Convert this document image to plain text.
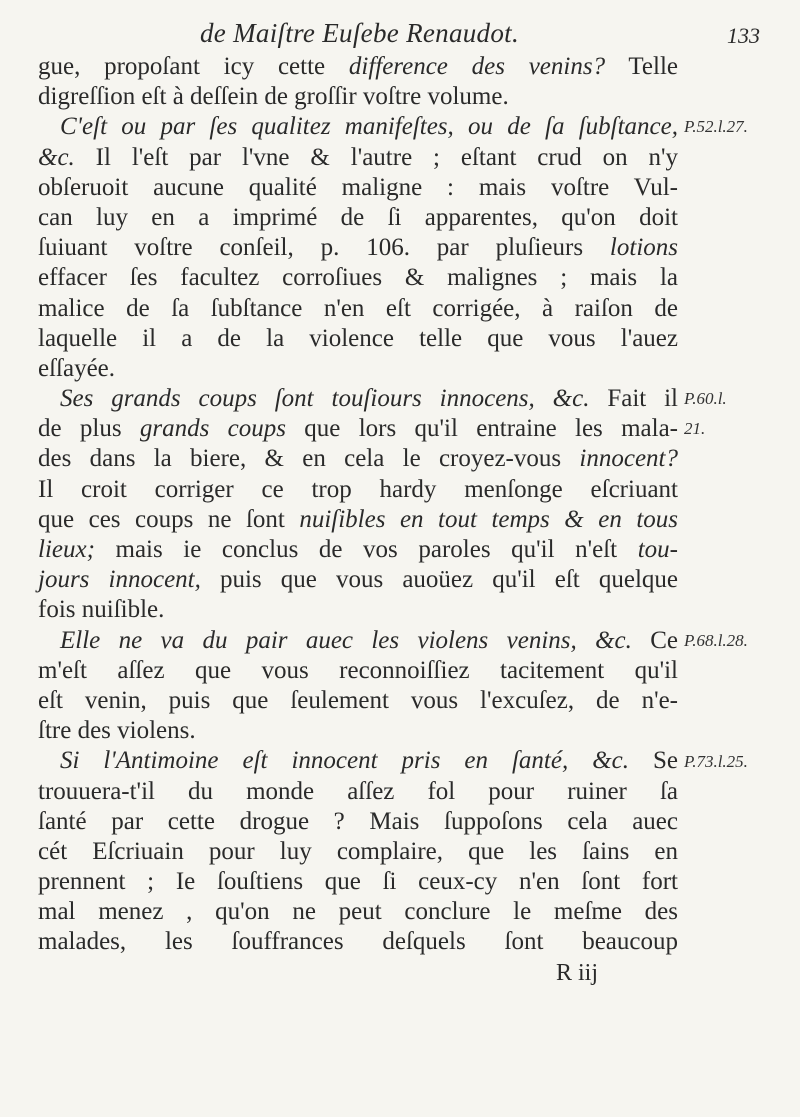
de Maiſtre Euſebe Renaudot.	133
gue, propoſant icy cette difference des venins? Telle
digreſſion eſt à deſſein de groſſir voſtre volume.
C'eſt ou par ſes qualitez manifeſtes, ou de ſa ſubſtance,
&c. Il l'eſt par l'vne & l'autre ; eſtant crud on n'y
obſeruoit aucune qualité maligne : mais voſtre Vul-
can luy en a imprimé de ſi apparentes, qu'on doit
ſuiuant voſtre conſeil, p. 106. par pluſieurs lotions
effacer ſes facultez corroſiues & malignes ; mais la
malice de ſa ſubſtance n'en eſt corrigée, à raiſon de
laquelle il a de la violence telle que vous l'auez
eſſayée.
Ses grands coups ſont touſiours innocens, &c. Fait il
de plus grands coups que lors qu'il entraine les mala-
des dans la biere, & en cela le croyez-vous innocent?
Il croit corriger ce trop hardy menſonge eſcriuant
que ces coups ne ſont nuiſibles en tout temps & en tous
lieux; mais ie conclus de vos paroles qu'il n'eſt tou-
jours innocent, puis que vous auoüez qu'il eſt quelque
fois nuiſible.
Elle ne va du pair auec les violens venins, &c. Ce
m'eſt aſſez que vous reconnoiſſiez tacitement qu'il
eſt venin, puis que ſeulement vous l'excuſez, de n'e-
ſtre des violens.
Si l'Antimoine eſt innocent pris en ſanté, &c. Se
trouuera-t'il du monde aſſez fol pour ruiner ſa
ſanté par cette drogue ? Mais ſuppoſons cela auec
cét Eſcriuain pour luy complaire, que les ſains en
prennent ; Ie ſouſtiens que ſi ceux-cy n'en ſont fort
mal menez , qu'on ne peut conclure le meſme des
malades, les ſouffrances deſquels ſont beaucoup
R iij
P.52.l.27.
P.60.l.
21.
P.68.l.28.
P.73.l.25.
